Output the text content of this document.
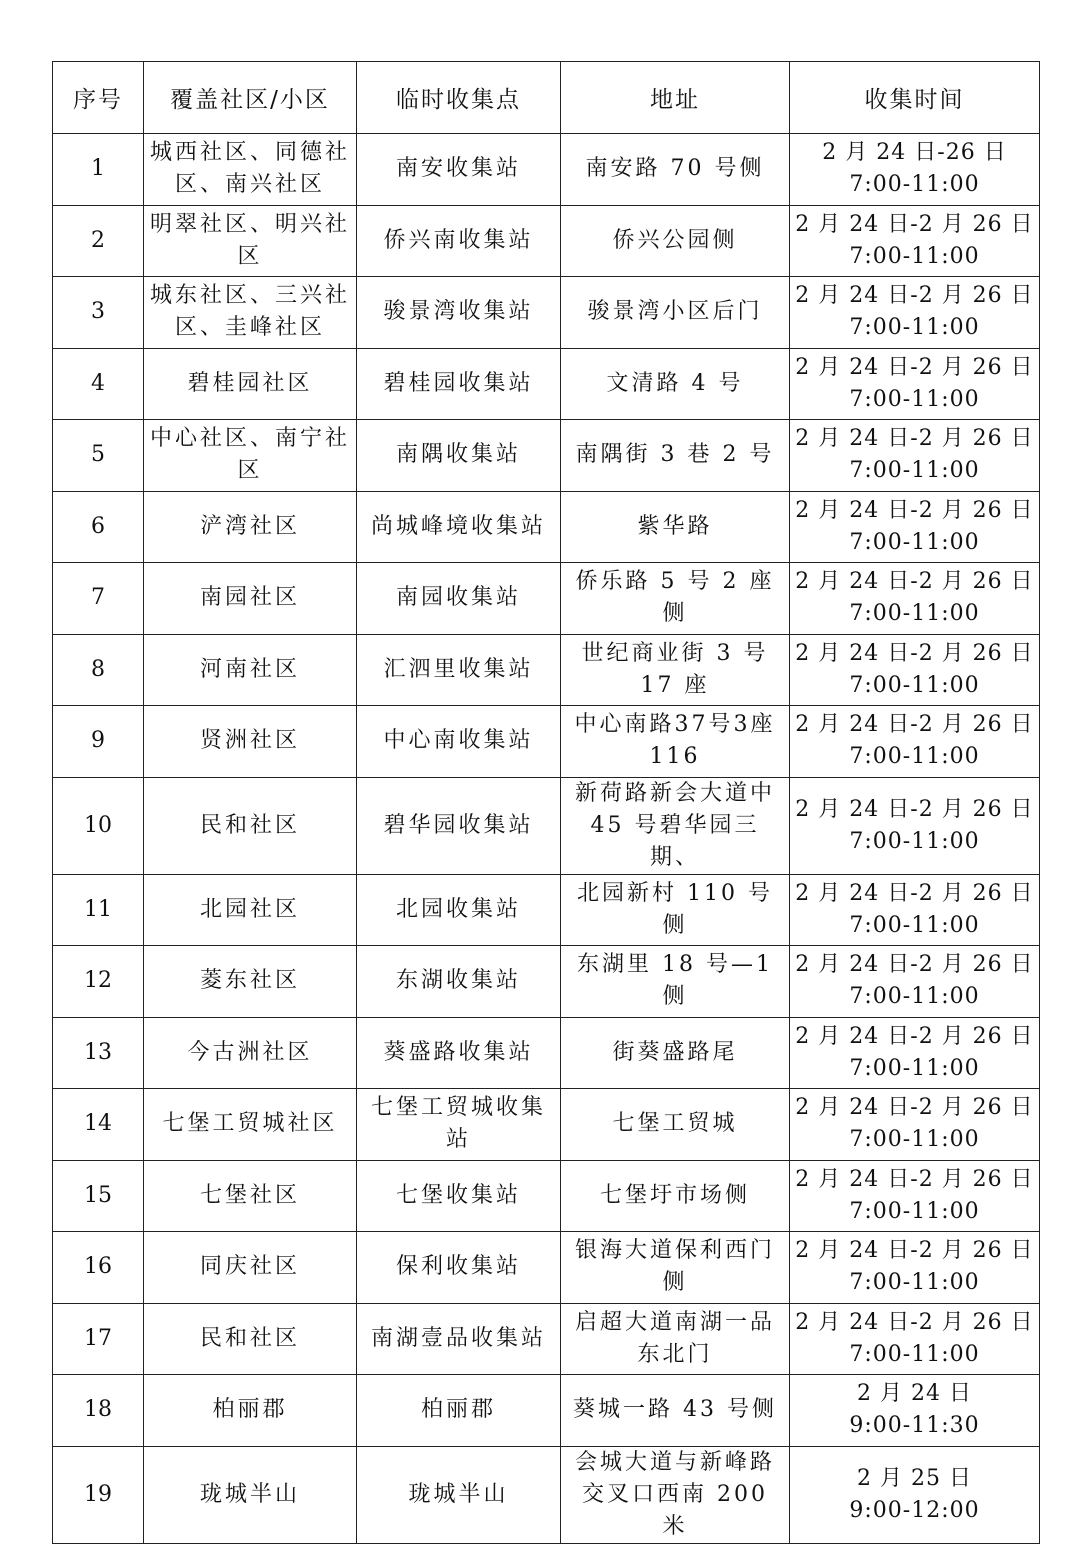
序号	覆盖社区/小区	临时收集点	地址	收集时间
1	城西社区、同德社区、南兴社区	南安收集站	南安路 70 号侧	2 月 24 日-26 日
7:00-11:00
2	明翠社区、明兴社区	侨兴南收集站	侨兴公园侧	2 月 24 日-2 月 26 日
7:00-11:00
3	城东社区、三兴社区、圭峰社区	骏景湾收集站	骏景湾小区后门	2 月 24 日-2 月 26 日
7:00-11:00
4	碧桂园社区	碧桂园收集站	文清路 4 号	2 月 24 日-2 月 26 日
7:00-11:00
5	中心社区、南宁社区	南隅收集站	南隅街 3 巷 2 号	2 月 24 日-2 月 26 日
7:00-11:00
6	浐湾社区	尚城峰境收集站	紫华路	2 月 24 日-2 月 26 日
7:00-11:00
7	南园社区	南园收集站	侨乐路 5 号 2 座侧	2 月 24 日-2 月 26 日
7:00-11:00
8	河南社区	汇泗里收集站	世纪商业街 3 号 17 座	2 月 24 日-2 月 26 日
7:00-11:00
9	贤洲社区	中心南收集站	中心南路37号3座116	2 月 24 日-2 月 26 日
7:00-11:00
10	民和社区	碧华园收集站	新荷路新会大道中 45 号碧华园三期、	2 月 24 日-2 月 26 日
7:00-11:00
11	北园社区	北园收集站	北园新村 110 号侧	2 月 24 日-2 月 26 日
7:00-11:00
12	菱东社区	东湖收集站	东湖里 18 号—1 侧	2 月 24 日-2 月 26 日
7:00-11:00
13	今古洲社区	葵盛路收集站	街葵盛路尾	2 月 24 日-2 月 26 日
7:00-11:00
14	七堡工贸城社区	七堡工贸城收集站	七堡工贸城	2 月 24 日-2 月 26 日
7:00-11:00
15	七堡社区	七堡收集站	七堡圩市场侧	2 月 24 日-2 月 26 日
7:00-11:00
16	同庆社区	保利收集站	银海大道保利西门侧	2 月 24 日-2 月 26 日
7:00-11:00
17	民和社区	南湖壹品收集站	启超大道南湖一品东北门	2 月 24 日-2 月 26 日
7:00-11:00
18	柏丽郡	柏丽郡	葵城一路 43 号侧	2 月 24 日
9:00-11:30
19	珑城半山	珑城半山	会城大道与新峰路交叉口西南 200 米	2 月 25 日
9:00-12:00
